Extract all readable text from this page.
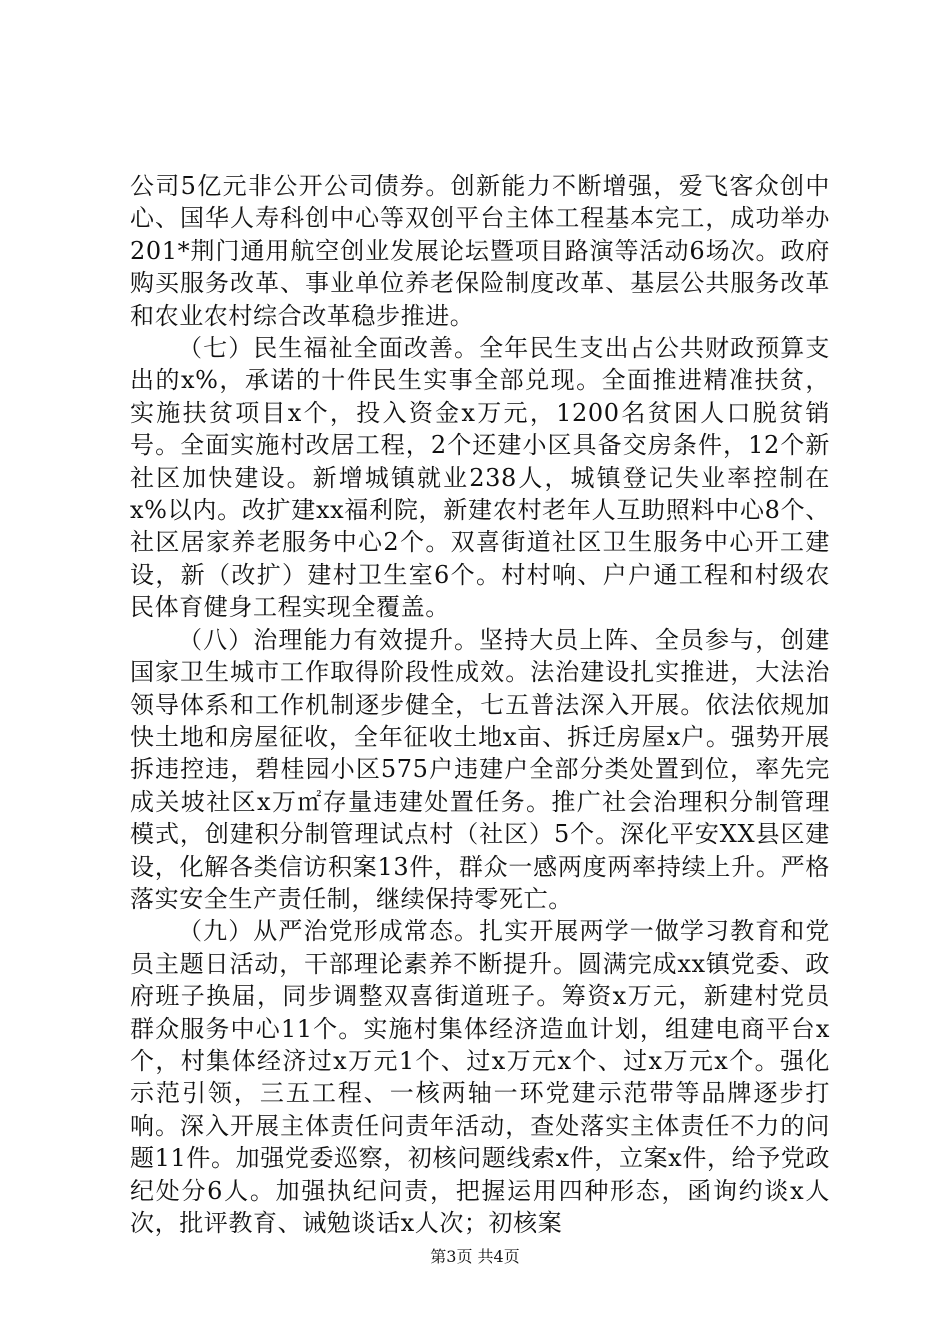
公司5亿元非公开公司债券。创新能力不断增强，爱飞客众创中心、国华人寿科创中心等双创平台主体工程基本完工，成功举办201*荆门通用航空创业发展论坛暨项目路演等活动6场次。政府购买服务改革、事业单位养老保险制度改革、基层公共服务改革和农业农村综合改革稳步推进。

（七）民生福祉全面改善。全年民生支出占公共财政预算支出的x%，承诺的十件民生实事全部兑现。全面推进精准扶贫，实施扶贫项目x个，投入资金x万元，1200名贫困人口脱贫销号。全面实施村改居工程，2个还建小区具备交房条件，12个新社区加快建设。新增城镇就业238人，城镇登记失业率控制在x%以内。改扩建xx福利院，新建农村老年人互助照料中心8个、社区居家养老服务中心2个。双喜街道社区卫生服务中心开工建设，新（改扩）建村卫生室6个。村村响、户户通工程和村级农民体育健身工程实现全覆盖。

（八）治理能力有效提升。坚持大员上阵、全员参与，创建国家卫生城市工作取得阶段性成效。法治建设扎实推进，大法治领导体系和工作机制逐步健全，七五普法深入开展。依法依规加快土地和房屋征收，全年征收土地x亩、拆迁房屋x户。强势开展拆违控违，碧桂园小区575户违建户全部分类处置到位，率先完成关坡社区x万㎡存量违建处置任务。推广社会治理积分制管理模式，创建积分制管理试点村（社区）5个。深化平安XX县区建设，化解各类信访积案13件，群众一感两度两率持续上升。严格落实安全生产责任制，继续保持零死亡。

（九）从严治党形成常态。扎实开展两学一做学习教育和党员主题日活动，干部理论素养不断提升。圆满完成xx镇党委、政府班子换届，同步调整双喜街道班子。筹资x万元，新建村党员群众服务中心11个。实施村集体经济造血计划，组建电商平台x个，村集体经济过x万元1个、过x万元x个、过x万元x个。强化示范引领，三五工程、一核两轴一环党建示范带等品牌逐步打响。深入开展主体责任问责年活动，查处落实主体责任不力的问题11件。加强党委巡察，初核问题线索x件，立案x件，给予党政纪处分6人。加强执纪问责，把握运用四种形态，函询约谈x人次，批评教育、诫勉谈话x人次；初核案

第3页 共4页
